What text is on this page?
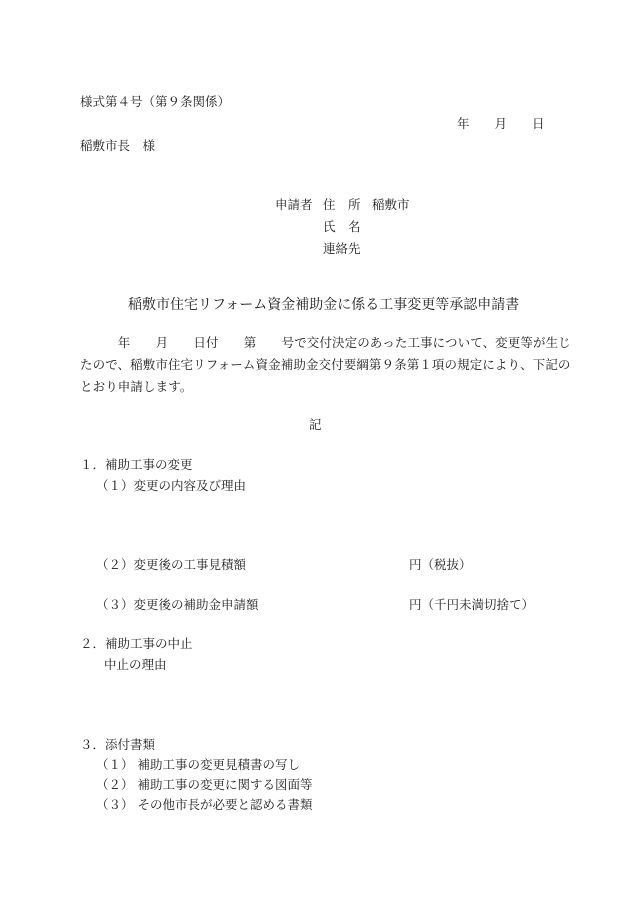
様式第４号（第９条関係）
年　　月　　日
稲敷市長　様
申請者 住　所 稲敷市
氏　名
連絡先
稲敷市住宅リフォーム資金補助金に係る工事変更等承認申請書
　　　年　　月　　日付　　第　　号で交付決定のあった工事について、変更等が生じ
たので、稲敷市住宅リフォーム資金補助金交付要綱第９条第１項の規定により、下記の
とおり申請します。
記
１．補助工事の変更
（１）変更の内容及び理由
（２）変更後の工事見積額	円（税抜）
（３）変更後の補助金申請額	円（千円未満切捨て）
２．補助工事の中止
中止の理由
３．添付書類
（１） 補助工事の変更見積書の写し
（２） 補助工事の変更に関する図面等
（３） その他市長が必要と認める書類
